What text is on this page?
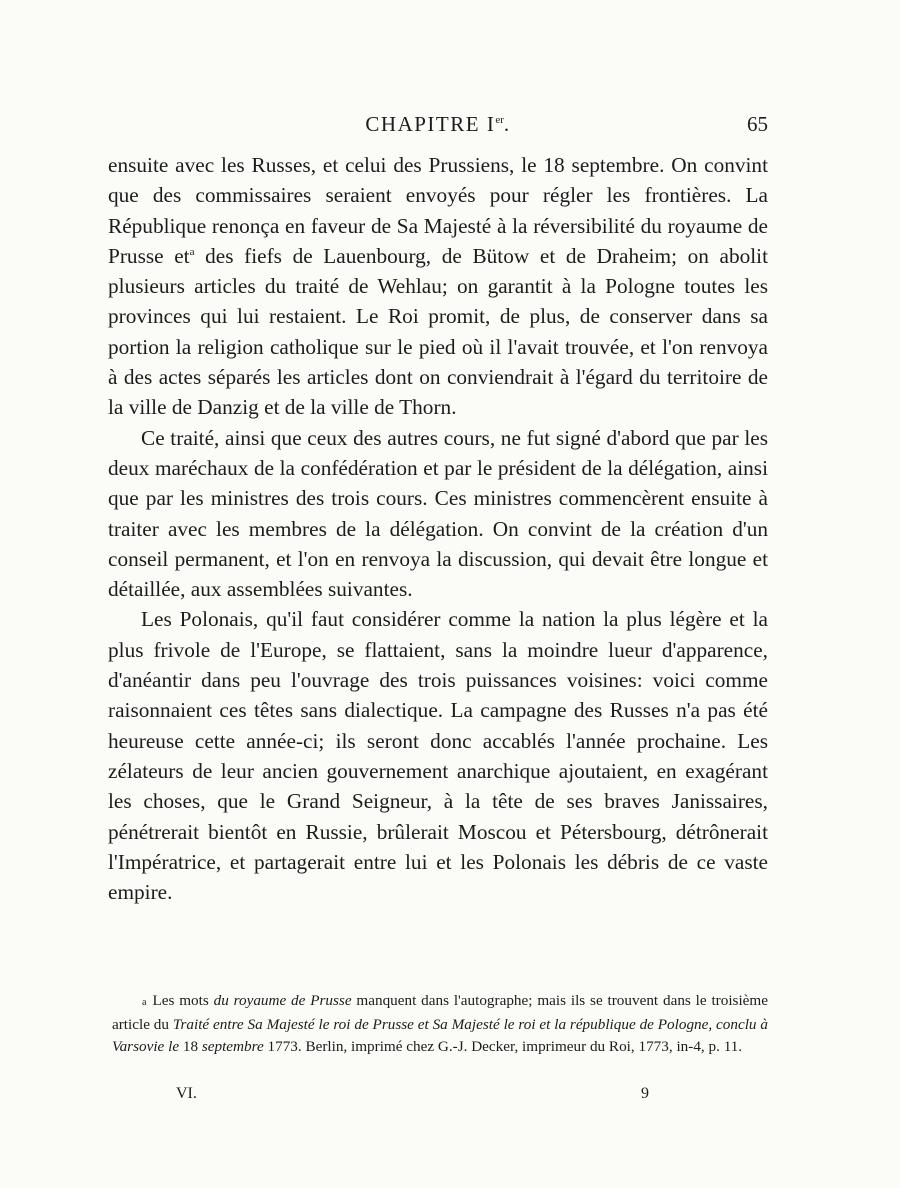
CHAPITRE Ier.	65

ensuite avec les Russes, et celui des Prussiens, le 18 septembre. On convint que des commissaires seraient envoyés pour régler les frontières. La République renonça en faveur de Sa Majesté à la réversibilité du royaume de Prusse et$^a$ des fiefs de Lauenbourg, de Bütow et de Draheim; on abolit plusieurs articles du traité de Wehlau; on garantit à la Pologne toutes les provinces qui lui restaient. Le Roi promit, de plus, de conserver dans sa portion la religion catholique sur le pied où il l'avait trouvée, et l'on renvoya à des actes séparés les articles dont on conviendrait à l'égard du territoire de la ville de Danzig et de la ville de Thorn.

Ce traité, ainsi que ceux des autres cours, ne fut signé d'abord que par les deux maréchaux de la confédération et par le président de la délégation, ainsi que par les ministres des trois cours. Ces ministres commencèrent ensuite à traiter avec les membres de la délégation. On convint de la création d'un conseil permanent, et l'on en renvoya la discussion, qui devait être longue et détaillée, aux assemblées suivantes.

Les Polonais, qu'il faut considérer comme la nation la plus légère et la plus frivole de l'Europe, se flattaient, sans la moindre lueur d'apparence, d'anéantir dans peu l'ouvrage des trois puissances voisines: voici comme raisonnaient ces têtes sans dialectique. La campagne des Russes n'a pas été heureuse cette année-ci; ils seront donc accablés l'année prochaine. Les zélateurs de leur ancien gouvernement anarchique ajoutaient, en exagérant les choses, que le Grand Seigneur, à la tête de ses braves Janissaires, pénétrerait bientôt en Russie, brûlerait Moscou et Pétersbourg, détrônerait l'Impératrice, et partagerait entre lui et les Polonais les débris de ce vaste empire.

a Les mots du royaume de Prusse manquent dans l'autographe; mais ils se trouvent dans le troisième article du Traité entre Sa Majesté le roi de Prusse et Sa Majesté le roi et la république de Pologne, conclu à Varsovie le 18 septembre 1773. Berlin, imprimé chez G.-J. Decker, imprimeur du Roi, 1773, in-4, p. 11.

VI.	9
